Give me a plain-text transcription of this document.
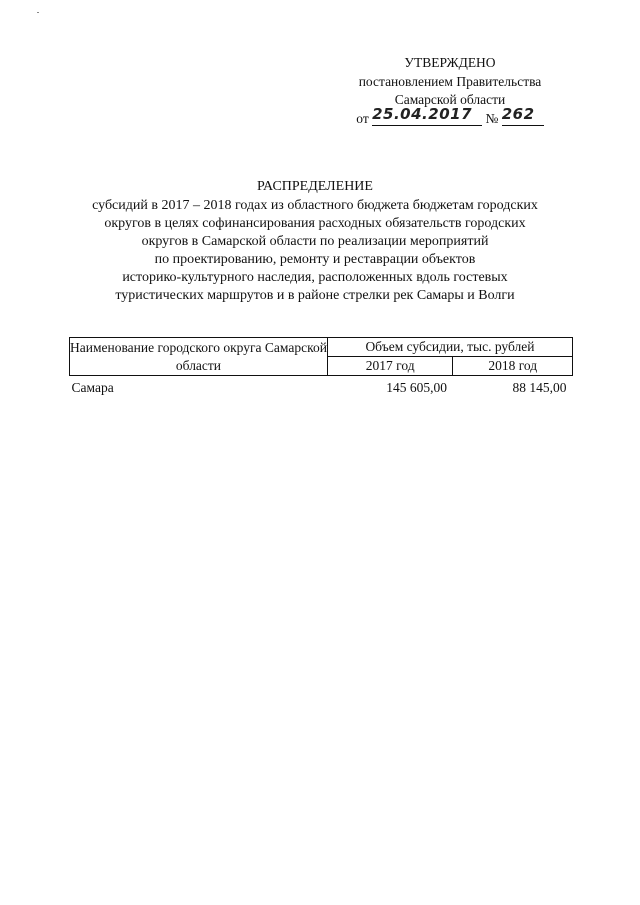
УТВЕРЖДЕНО
постановлением Правительства
Самарской области
от 25.04.2017 № 262
РАСПРЕДЕЛЕНИЕ
субсидий в 2017 – 2018 годах из областного бюджета бюджетам городских
округов в целях софинансирования расходных обязательств городских
округов в Самарской области по реализации мероприятий
по проектированию, ремонту и реставрации объектов
историко-культурного наследия, расположенных вдоль гостевых
туристических маршрутов и в районе стрелки рек Самары и Волги
Наименование городского округа Самарской области	Объем субсидии, тыс. рублей	
	2017 год	2018 год
Самара	145 605,00	88 145,00
